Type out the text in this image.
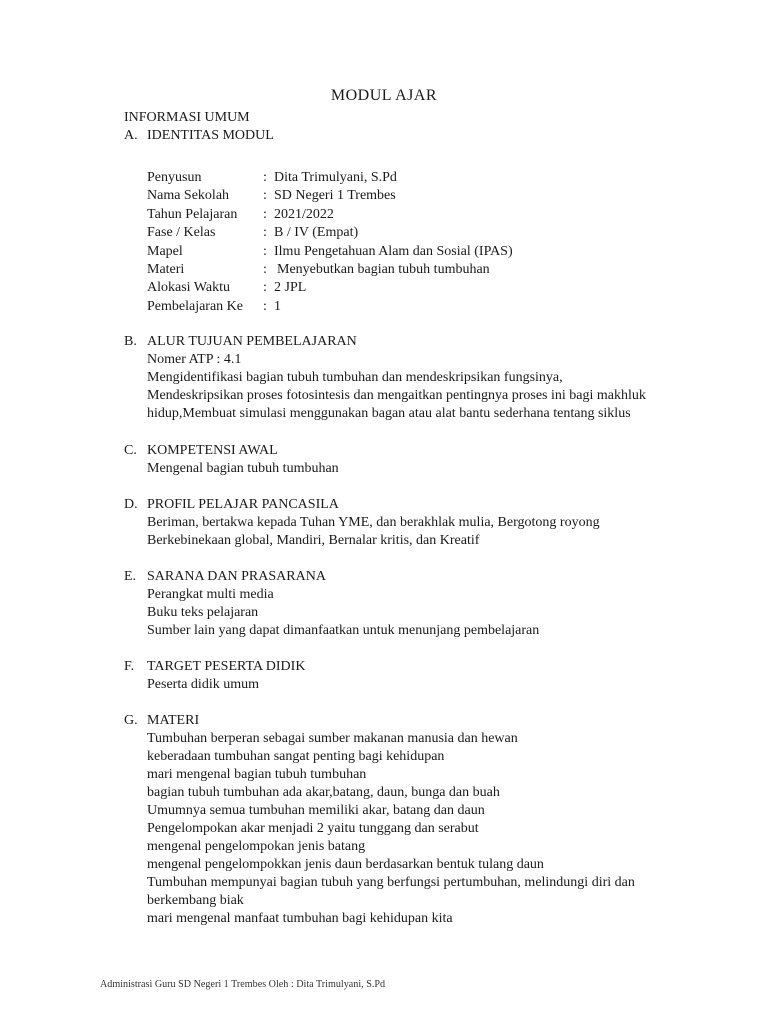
MODUL AJAR
INFORMASI UMUM
A. IDENTITAS MODUL
Penyusun	:	Dita Trimulyani, S.Pd
Nama Sekolah	:	SD Negeri 1 Trembes
Tahun Pelajaran	:	2021/2022
Fase / Kelas	:	B / IV (Empat)
Mapel	:	Ilmu Pengetahuan Alam dan Sosial (IPAS)
Materi	:	Menyebutkan bagian tubuh tumbuhan
Alokasi Waktu	:	2 JPL
Pembelajaran Ke	:	1
B. ALUR TUJUAN PEMBELAJARAN
Nomer ATP : 4.1
Mengidentifikasi bagian tubuh tumbuhan dan mendeskripsikan fungsinya,
Mendeskripsikan proses fotosintesis dan mengaitkan pentingnya proses ini bagi makhluk
hidup,Membuat simulasi menggunakan bagan atau alat bantu sederhana tentang siklus
C. KOMPETENSI AWAL
Mengenal bagian tubuh tumbuhan
D. PROFIL PELAJAR PANCASILA
Beriman, bertakwa kepada Tuhan YME, dan berakhlak mulia, Bergotong royong
Berkebinekaan global, Mandiri, Bernalar kritis, dan Kreatif
E. SARANA DAN PRASARANA
Perangkat multi media
Buku teks pelajaran
Sumber lain yang dapat dimanfaatkan untuk menunjang pembelajaran
F. TARGET PESERTA DIDIK
Peserta didik umum
G. MATERI
Tumbuhan berperan sebagai sumber makanan manusia dan hewan
keberadaan tumbuhan sangat penting bagi kehidupan
mari mengenal bagian tubuh tumbuhan
bagian tubuh tumbuhan ada akar,batang, daun, bunga dan buah
Umumnya semua tumbuhan memiliki akar, batang dan daun
Pengelompokan akar menjadi 2 yaitu tunggang dan serabut
mengenal pengelompokan jenis batang
mengenal pengelompokkan jenis daun berdasarkan bentuk tulang daun
Tumbuhan mempunyai bagian tubuh yang berfungsi pertumbuhan, melindungi diri dan
berkembang biak
mari mengenal manfaat tumbuhan bagi kehidupan kita
Administrasi Guru SD Negeri 1 Trembes Oleh : Dita Trimulyani, S.Pd
